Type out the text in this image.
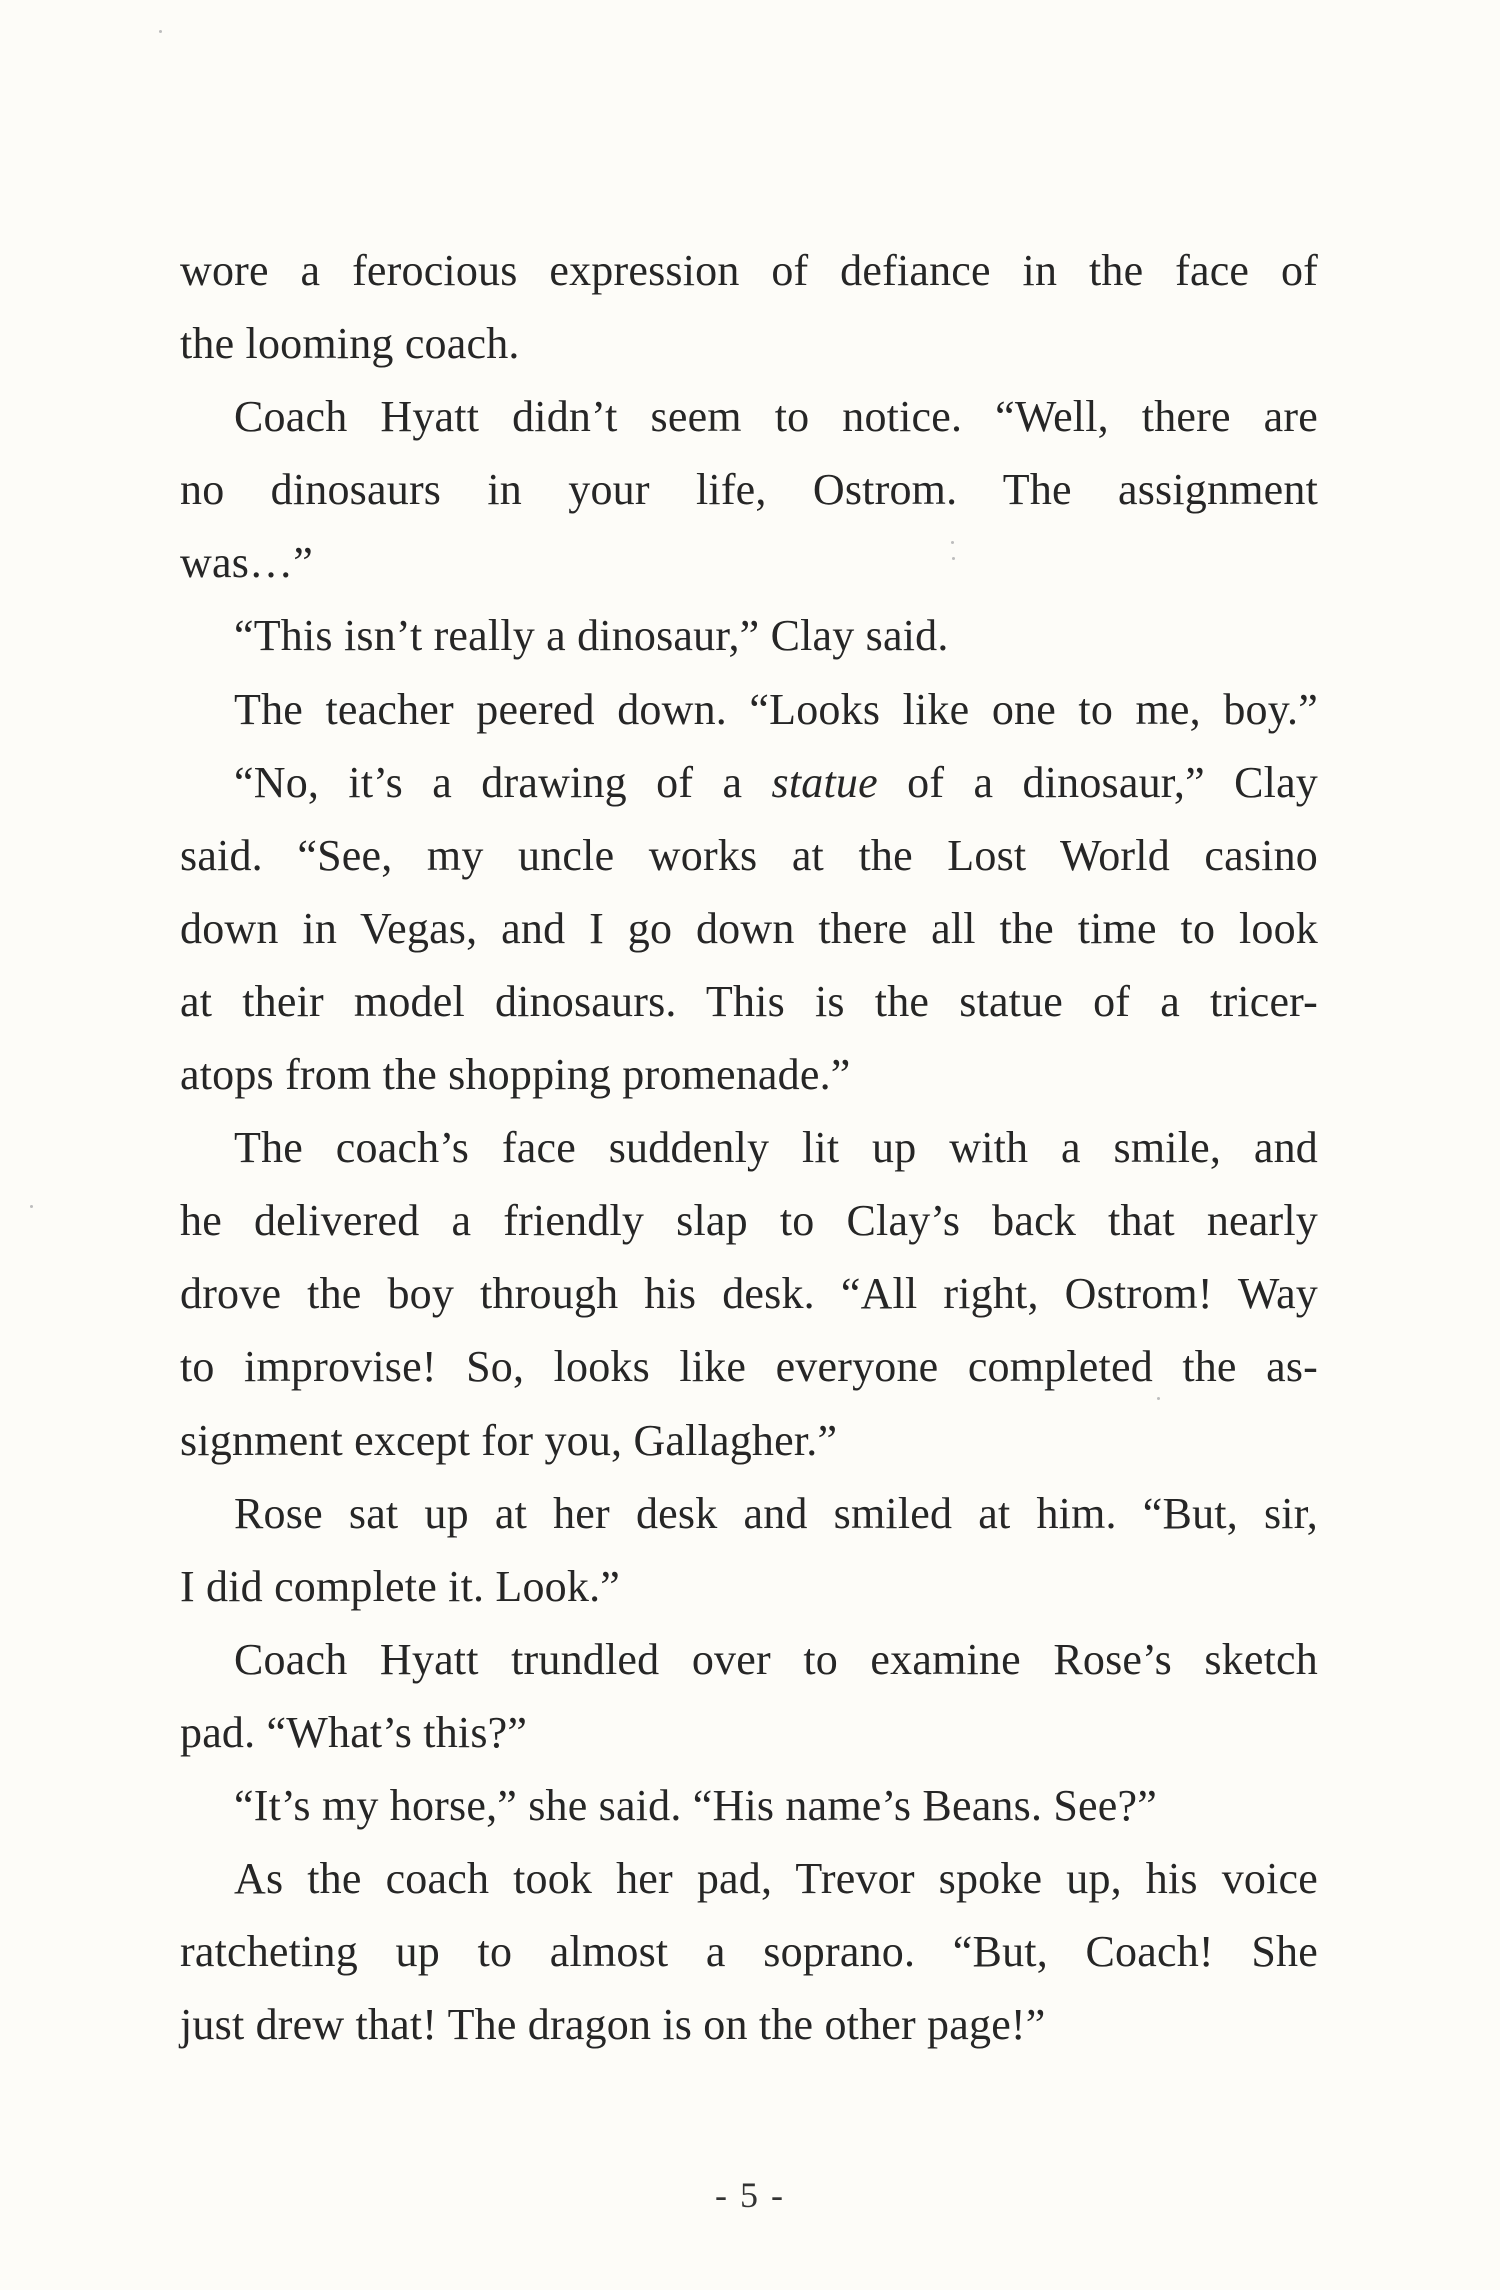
wore a ferocious expression of defiance in the face of
the looming coach.
Coach Hyatt didn’t seem to notice. “Well, there are
no dinosaurs in your life, Ostrom. The assignment
was…”
“This isn’t really a dinosaur,” Clay said.
The teacher peered down. “Looks like one to me, boy.”
“No, it’s a drawing of a statue of a dinosaur,” Clay
said. “See, my uncle works at the Lost World casino
down in Vegas, and I go down there all the time to look
at their model dinosaurs. This is the statue of a tricer-
atops from the shopping promenade.”
The coach’s face suddenly lit up with a smile, and
he delivered a friendly slap to Clay’s back that nearly
drove the boy through his desk. “All right, Ostrom! Way
to improvise! So, looks like everyone completed the as-
signment except for you, Gallagher.”
Rose sat up at her desk and smiled at him. “But, sir,
I did complete it. Look.”
Coach Hyatt trundled over to examine Rose’s sketch
pad. “What’s this?”
“It’s my horse,” she said. “His name’s Beans. See?”
As the coach took her pad, Trevor spoke up, his voice
ratcheting up to almost a soprano. “But, Coach! She
just drew that! The dragon is on the other page!”
- 5 -
